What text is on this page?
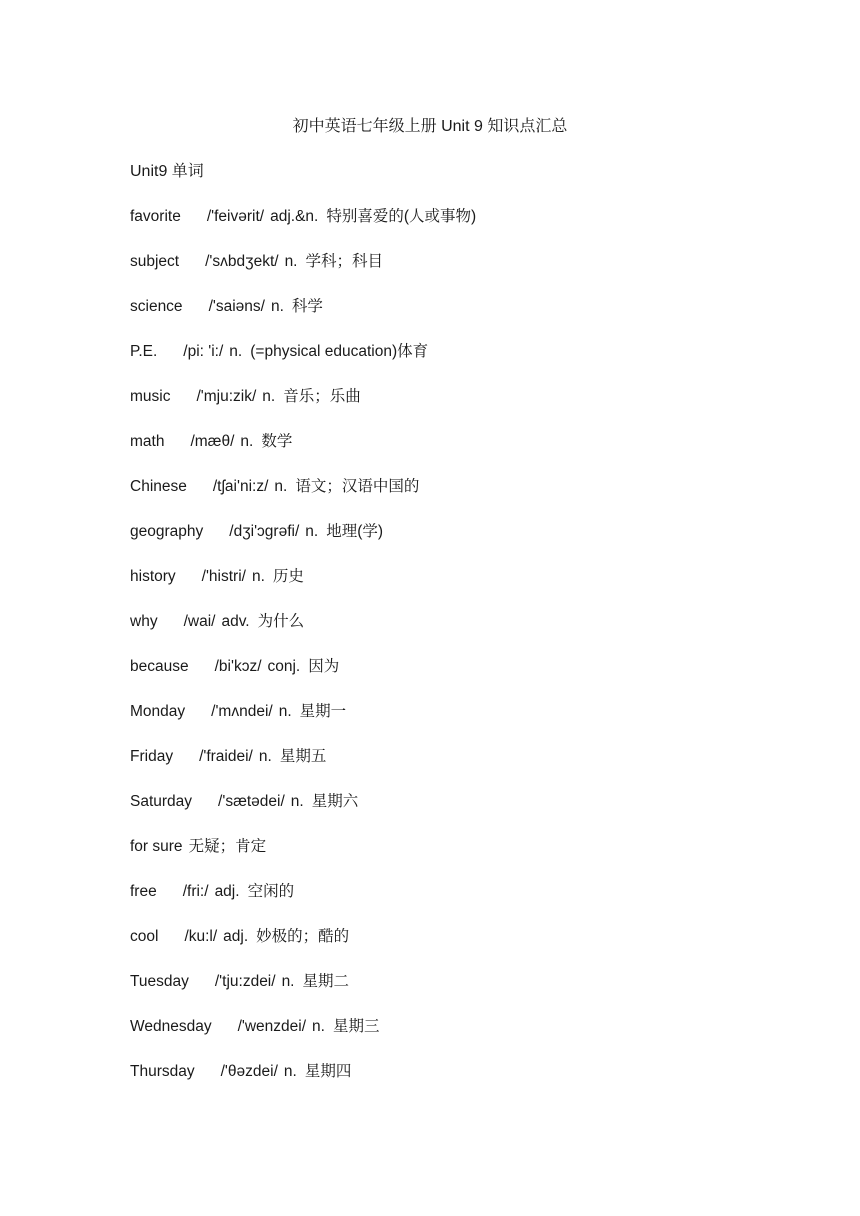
初中英语七年级上册 Unit 9 知识点汇总
Unit9 单词
favorite /'feivərit/ adj.&n. 特别喜爱的(人或事物)
subject /'sʌbdʒekt/ n. 学科；科目
science /'saiəns/ n. 科学
P.E. /pi: 'i:/ n. (=physical education)体育
music /'mju:zik/ n. 音乐；乐曲
math /mæθ/ n. 数学
Chinese /tʃai'ni:z/ n. 语文；汉语中国的
geography /dʒi'ɔgrəfi/ n. 地理(学)
history /'histri/ n. 历史
why /wai/ adv. 为什么
because /bi'kɔz/ conj. 因为
Monday /'mʌndei/ n. 星期一
Friday /'fraidei/ n. 星期五
Saturday /'sætədei/ n. 星期六
for sure 无疑；肯定
free /fri:/ adj. 空闲的
cool /ku:l/ adj. 妙极的；酷的
Tuesday /'tju:zdei/ n. 星期二
Wednesday /'wenzdei/ n. 星期三
Thursday /'θəzdei/ n. 星期四
